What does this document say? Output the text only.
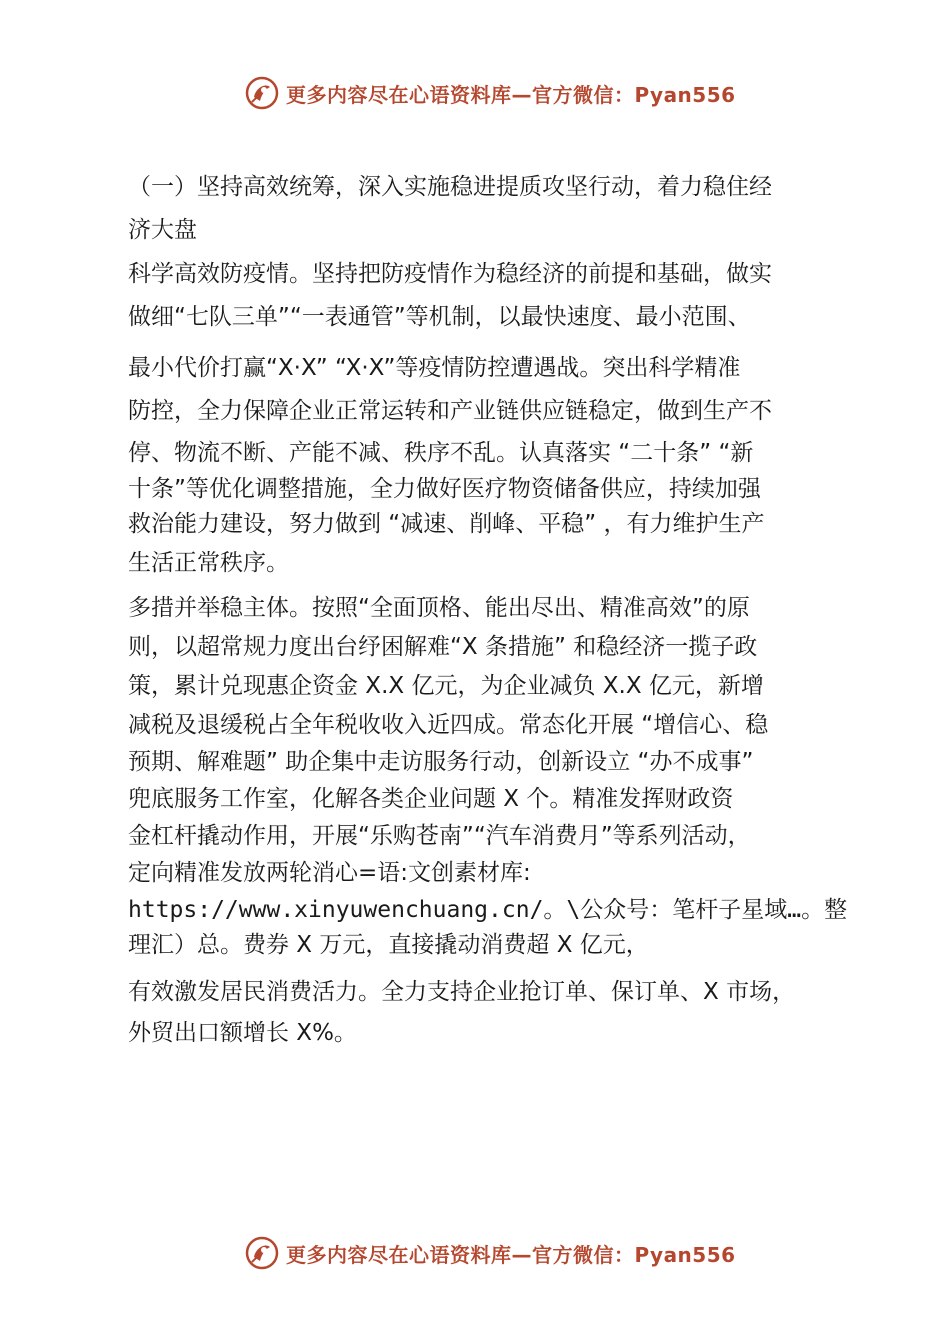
更多内容尽在心语资料库—官方微信：Pyan556
（一）坚持高效统筹，深入实施稳进提质攻坚行动，着力稳住经
济大盘
科学高效防疫情。坚持把防疫情作为稳经济的前提和基础，做实
做细“七队三单”“一表通管”等机制，以最快速度、最小范围、
最小代价打赢“X·X” “X·X”等疫情防控遭遇战。突出科学精准
防控，全力保障企业正常运转和产业链供应链稳定，做到生产不
停、物流不断、产能不减、秩序不乱。认真落实 “二十条” “新
十条”等优化调整措施，全力做好医疗物资储备供应，持续加强
救治能力建设，努力做到 “减速、削峰、平稳” ，有力维护生产
生活正常秩序。
多措并举稳主体。按照“全面顶格、能出尽出、精准高效”的原
则，以超常规力度出台纾困解难“X 条措施” 和稳经济一揽子政
策，累计兑现惠企资金 X.X 亿元，为企业减负 X.X 亿元，新增
减税及退缓税占全年税收收入近四成。常态化开展 “增信心、稳
预期、解难题” 助企集中走访服务行动，创新设立 “办不成事”
兜底服务工作室，化解各类企业问题 X 个。精准发挥财政资
金杠杆撬动作用，开展“乐购苍南”“汽车消费月”等系列活动，
定向精准发放两轮消心=语:文创素材库:
https://www.xinyuwenchuang.cn/。\公众号：笔杆子星域…。整
理汇）总。费券 X 万元，直接撬动消费超 X 亿元，
有效激发居民消费活力。全力支持企业抢订单、保订单、X 市场，
外贸出口额增长 X%。
更多内容尽在心语资料库—官方微信：Pyan556
